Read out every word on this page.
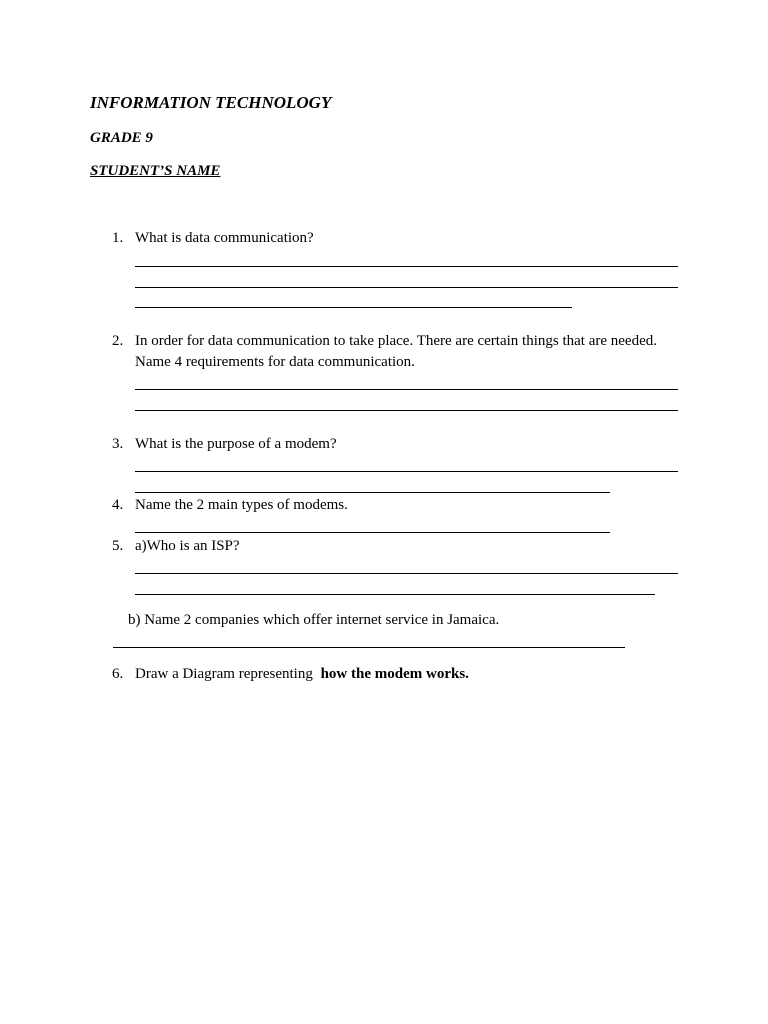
INFORMATION TECHNOLOGY
GRADE 9
STUDENT’S NAME
1. What is data communication?
2. In order for data communication to take place. There are certain things that are needed.
Name 4 requirements for data communication.
3. What is the purpose of a modem?
4. Name the 2 main types of modems.
5. a)Who is an ISP?
b) Name 2 companies which offer internet service in Jamaica.
6. Draw a Diagram representing how the modem works.
